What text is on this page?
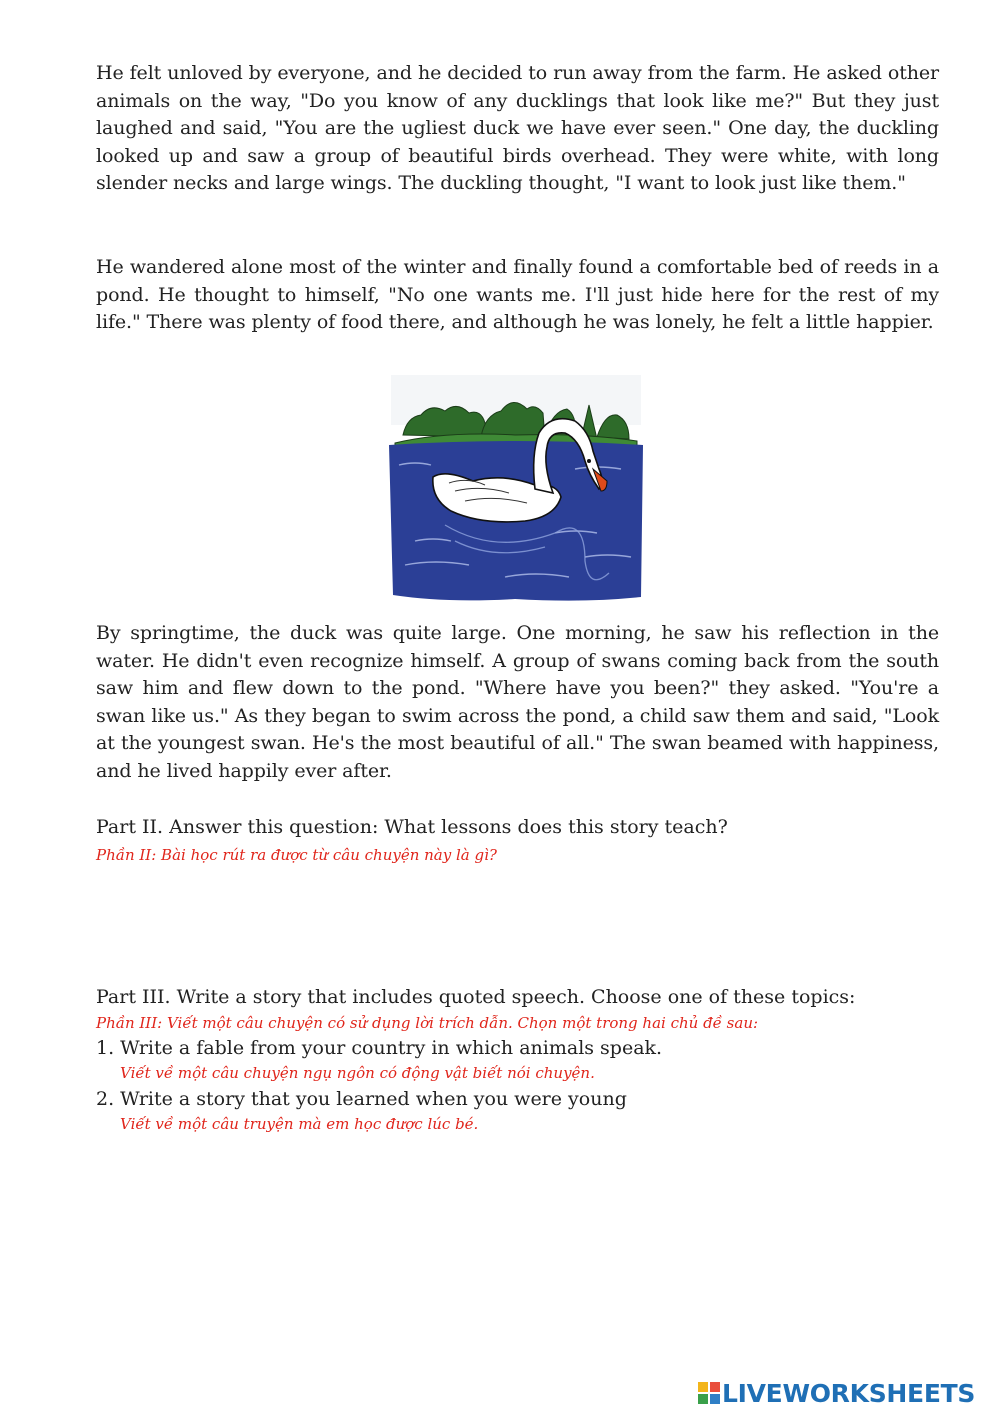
He felt unloved by everyone, and he decided to run away from the farm. He asked other animals on the way, "Do you know of any ducklings that look like me?" But they just laughed and said, "You are the ugliest duck we have ever seen." One day, the duckling looked up and saw a group of beautiful birds overhead. They were white, with long slender necks and large wings. The duckling thought, "I want to look just like them."

He wandered alone most of the winter and finally found a comfortable bed of reeds in a pond. He thought to himself, "No one wants me. I'll just hide here for the rest of my life." There was plenty of food there, and although he was lonely, he felt a little happier.

By springtime, the duck was quite large. One morning, he saw his reflection in the water. He didn't even recognize himself. A group of swans coming back from the south saw him and flew down to the pond. "Where have you been?" they asked. "You're a swan like us." As they began to swim across the pond, a child saw them and said, "Look at the youngest swan. He's the most beautiful of all." The swan beamed with happiness, and he lived happily ever after.

Part II. Answer this question: What lessons does this story teach?
Phần II: Bài học rút ra được từ câu chuyện này là gì?
Part III. Write a story that includes quoted speech. Choose one of these topics:
Phần III: Viết một câu chuyện có sử dụng lời trích dẫn. Chọn một trong hai chủ đề sau:
1. Write a fable from your country in which animals speak.
Viết về một câu chuyện ngụ ngôn có động vật biết nói chuyện.
2. Write a story that you learned when you were young
Viết về một câu truyện mà em học được lúc bé.
LIVEWORKSHEETS
